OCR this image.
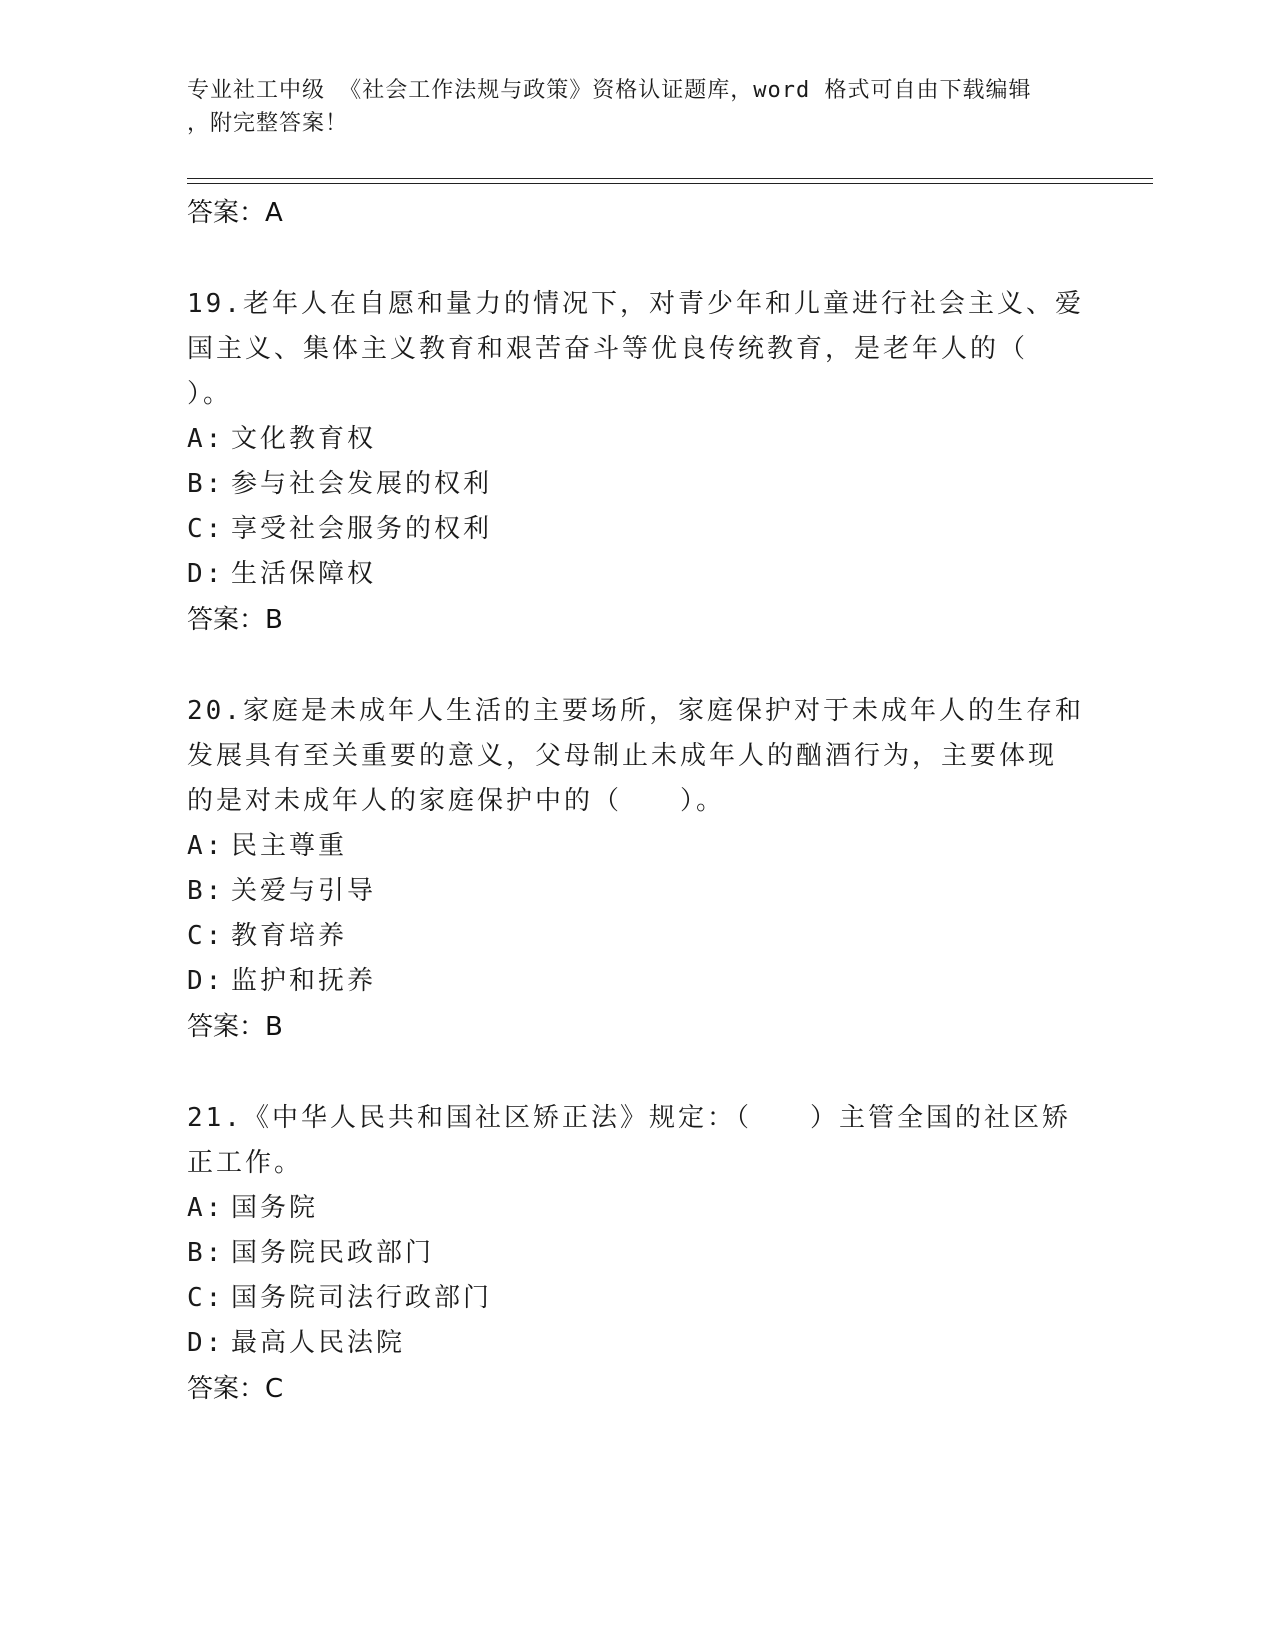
专业社工中级 《社会工作法规与政策》资格认证题库，word 格式可自由下载编辑
，附完整答案！
答案：A
19.老年人在自愿和量力的情况下，对青少年和儿童进行社会主义、爱
国主义、集体主义教育和艰苦奋斗等优良传统教育，是老年人的（
）。
A: 文化教育权
B: 参与社会发展的权利
C: 享受社会服务的权利
D: 生活保障权
答案：B
20.家庭是未成年人生活的主要场所，家庭保护对于未成年人的生存和
发展具有至关重要的意义，父母制止未成年人的酗酒行为，主要体现
的是对未成年人的家庭保护中的（　　）。
A: 民主尊重
B: 关爱与引导
C: 教育培养
D: 监护和抚养
答案：B
21.《中华人民共和国社区矫正法》规定：（　　）主管全国的社区矫
正工作。
A: 国务院
B: 国务院民政部门
C: 国务院司法行政部门
D: 最高人民法院
答案：C
